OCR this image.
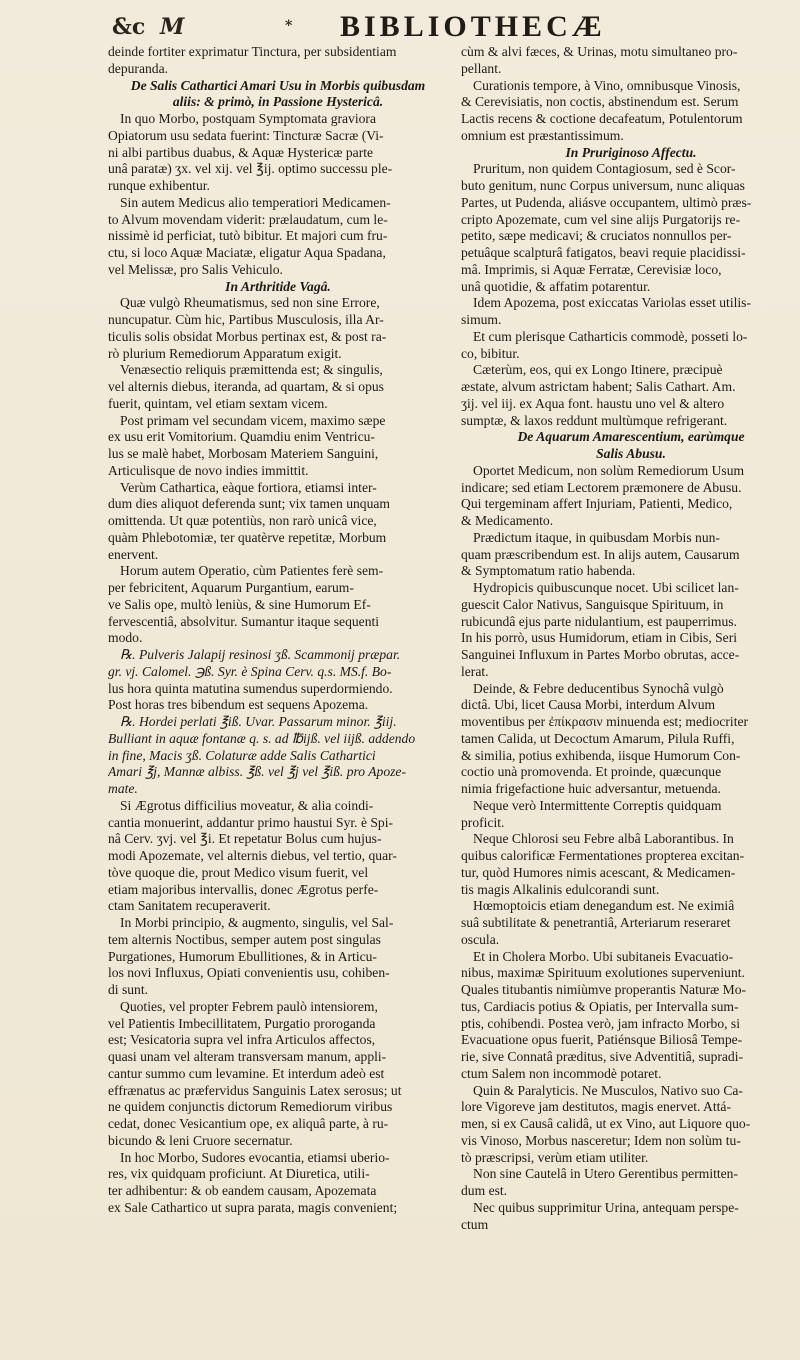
&c M	* BIBLIOTHECÆ
deinde fortiter exprimatur Tinctura, per subsidentiam
depuranda.
De Salis Cathartici Amari Usu in Morbis quibusdam
aliis: & primò, in Passione Hystericâ.
In quo Morbo, postquam Symptomata graviora
Opiatorum usu sedata fuerint: Tincturæ Sacræ (Vi-
ni albi partibus duabus, & Aquæ Hystericæ parte
unâ paratæ) ʒx. vel xij. vel ℥ij. optimo successu ple-
runque exhibentur.
Sin autem Medicus alio temperatiori Medicamen-
to Alvum movendam viderit: prælaudatum, cum le-
nissimè id perficiat, tutò bibitur. Et majori cum fru-
ctu, si loco Aquæ Maciatæ, eligatur Aqua Spadana,
vel Melissæ, pro Salis Vehiculo.
In Arthritide Vagâ.
Quæ vulgò Rheumatismus, sed non sine Errore,
nuncupatur. Cùm hic, Partibus Musculosis, illa Ar-
ticulis solis obsidat Morbus pertinax est, & post ra-
rò plurium Remediorum Apparatum exigit.
Venæsectio reliquis præmittenda est; & singulis,
vel alternis diebus, iteranda, ad quartam, & si opus
fuerit, quintam, vel etiam sextam vicem.
Post primam vel secundam vicem, maximo sæpe
ex usu erit Vomitorium. Quamdiu enim Ventricu-
lus se malè habet, Morbosam Materiem Sanguini,
Articulisque de novo indies immittit.
Verùm Cathartica, eàque fortiora, etiamsi inter-
dum dies aliquot deferenda sunt; vix tamen unquam
omittenda. Ut quæ potentiùs, non rarò unicâ vice,
quàm Phlebotomiæ, ter quatèrve repetitæ, Morbum
enervent.
Horum autem Operatio, cùm Patientes ferè sem-
per febricitent, Aquarum Purgantium, earum-
ve Salis ope, multò leniùs, & sine Humorum Ef-
fervescentiâ, absolvitur. Sumantur itaque sequenti
modo.
℞. Pulveris Jalapij resinosi ʒß. Scammonij præpar.
gr. vj. Calomel. ℈ß. Syr. è Spina Cerv. q.s. MS.f. Bo-
lus hora quinta matutina sumendus superdormiendo.
Post horas tres bibendum est sequens Apozema.
℞. Hordei perlati ℥iß. Uvar. Passarum minor. ℥iij.
Bulliant in aquæ fontanæ q. s. ad ℔ijß. vel iijß. addendo
in fine, Macis ʒß. Colaturæ adde Salis Cathartici
Amari ℥j, Mannæ albiss. ℥ß. vel ℥j vel ℥iß. pro Apoze-
mate.
Si Ægrotus difficilius moveatur, & alia coindi-
cantia monuerint, addantur primo haustui Syr. è Spi-
nâ Cerv. ʒvj. vel ℥i. Et repetatur Bolus cum hujus-
modi Apozemate, vel alternis diebus, vel tertio, quar-
tòve quoque die, prout Medico visum fuerit, vel
etiam majoribus intervallis, donec Ægrotus perfe-
ctam Sanitatem recuperaverit.
In Morbi principio, & augmento, singulis, vel Sal-
tem alternis Noctibus, semper autem post singulas
Purgationes, Humorum Ebullitiones, & in Articu-
los novi Influxus, Opiati convenientis usu, cohiben-
di sunt.
Quoties, vel propter Febrem paulò intensiorem,
vel Patientis Imbecillitatem, Purgatio proroganda
est; Vesicatoria supra vel infra Articulos affectos,
quasi unam vel alteram transversam manum, appli-
cantur summo cum levamine. Et interdum adeò est
effrænatus ac præfervidus Sanguinis Latex serosus; ut
ne quidem conjunctis dictorum Remediorum viribus
cedat, donec Vesicantium ope, ex aliquâ parte, à ru-
bicundo & leni Cruore secernatur.
In hoc Morbo, Sudores evocantia, etiamsi uberio-
res, vix quidquam proficiunt. At Diuretica, utili-
ter adhibentur: & ob eandem causam, Apozemata
ex Sale Cathartico ut supra parata, magis convenient;
cùm & alvi fæces, & Urinas, motu simultaneo pro-
pellant.
Curationis tempore, à Vino, omnibusque Vinosis,
& Cerevisiatis, non coctis, abstinendum est. Serum
Lactis recens & coctione decafeatum, Potulentorum
omnium est præstantissimum.
In Pruriginoso Affectu.
Pruritum, non quidem Contagiosum, sed è Scor-
buto genitum, nunc Corpus universum, nunc aliquas
Partes, ut Pudenda, aliásve occupantem, ultimò præs-
cripto Apozemate, cum vel sine alijs Purgatorijs re-
petito, sæpe medicavi; & cruciatos nonnullos per-
petuâque scalpturâ fatigatos, beavi requie placidissi-
mâ. Imprimis, si Aquæ Ferratæ, Cerevisiæ loco,
unâ quotidie, & affatim potarentur.
Idem Apozema, post exiccatas Variolas esset utilis-
simum.
Et cum plerisque Catharticis commodè, posseti lo-
co, bibitur.
Cæterùm, eos, qui ex Longo Itinere, præcipuè
æstate, alvum astrictam habent; Salis Cathart. Am.
ʒij. vel iij. ex Aqua font. haustu uno vel & altero
sumptæ, & laxos reddunt multùmque refrigerant.
De Aquarum Amarescentium, earùmque
Salis Abusu.
Oportet Medicum, non solùm Remediorum Usum
indicare; sed etiam Lectorem præmonere de Abusu.
Qui tergeminam affert Injuriam, Patienti, Medico,
& Medicamento.
Prædictum itaque, in quibusdam Morbis nun-
quam præscribendum est. In alijs autem, Causarum
& Symptomatum ratio habenda.
Hydropicis quibuscunque nocet. Ubi scilicet lan-
guescit Calor Nativus, Sanguisque Spirituum, in
rubicundâ ejus parte nidulantium, est pauperrimus.
In his porrò, usus Humidorum, etiam in Cibis, Seri
Sanguinei Influxum in Partes Morbo obrutas, acce-
lerat.
Deinde, & Febre deducentibus Synochâ vulgò
dictâ. Ubi, licet Causa Morbi, interdum Alvum
moventibus per ἐπίκρασιν minuenda est; mediocriter
tamen Calida, ut Decoctum Amarum, Pilula Ruffi,
& similia, potius exhibenda, iisque Humorum Con-
coctio unà promovenda. Et proinde, quæcunque
nimia frigefactione huic adversantur, metuenda.
Neque verò Intermittente Correptis quidquam
proficit.
Neque Chlorosi seu Febre albâ Laborantibus. In
quibus calorificæ Fermentationes propterea excitan-
tur, quòd Humores nimis acescant, & Medicamen-
tis magis Alkalinis edulcorandi sunt.
Hœmoptoicis etiam denegandum est. Ne eximiâ
suâ subtilitate & penetrantiâ, Arteriarum reseraret
oscula.
Et in Cholera Morbo. Ubi subitaneis Evacuatio-
nibus, maximæ Spirituum exolutiones superveniunt.
Quales titubantis nimiùmve properantis Naturæ Mo-
tus, Cardiacis potius & Opiatis, per Intervalla sum-
ptis, cohibendi. Postea verò, jam infracto Morbo, si
Evacuatione opus fuerit, Patiénsque Biliosâ Tempe-
rie, sive Connatâ præditus, sive Adventitiâ, supradi-
ctum Salem non incommodè potaret.
Quin & Paralyticis. Ne Musculos, Nativo suo Ca-
lore Vigoreve jam destitutos, magis enervet. Attá-
men, si ex Causâ calidâ, ut ex Vino, aut Liquore quo-
vis Vinoso, Morbus nasceretur; Idem non solùm tu-
tò præscripsi, verùm etiam utiliter.
Non sine Cautelâ in Utero Gerentibus permitten-
dum est.
Nec quibus supprimitur Urina, antequam perspe-
ctum
